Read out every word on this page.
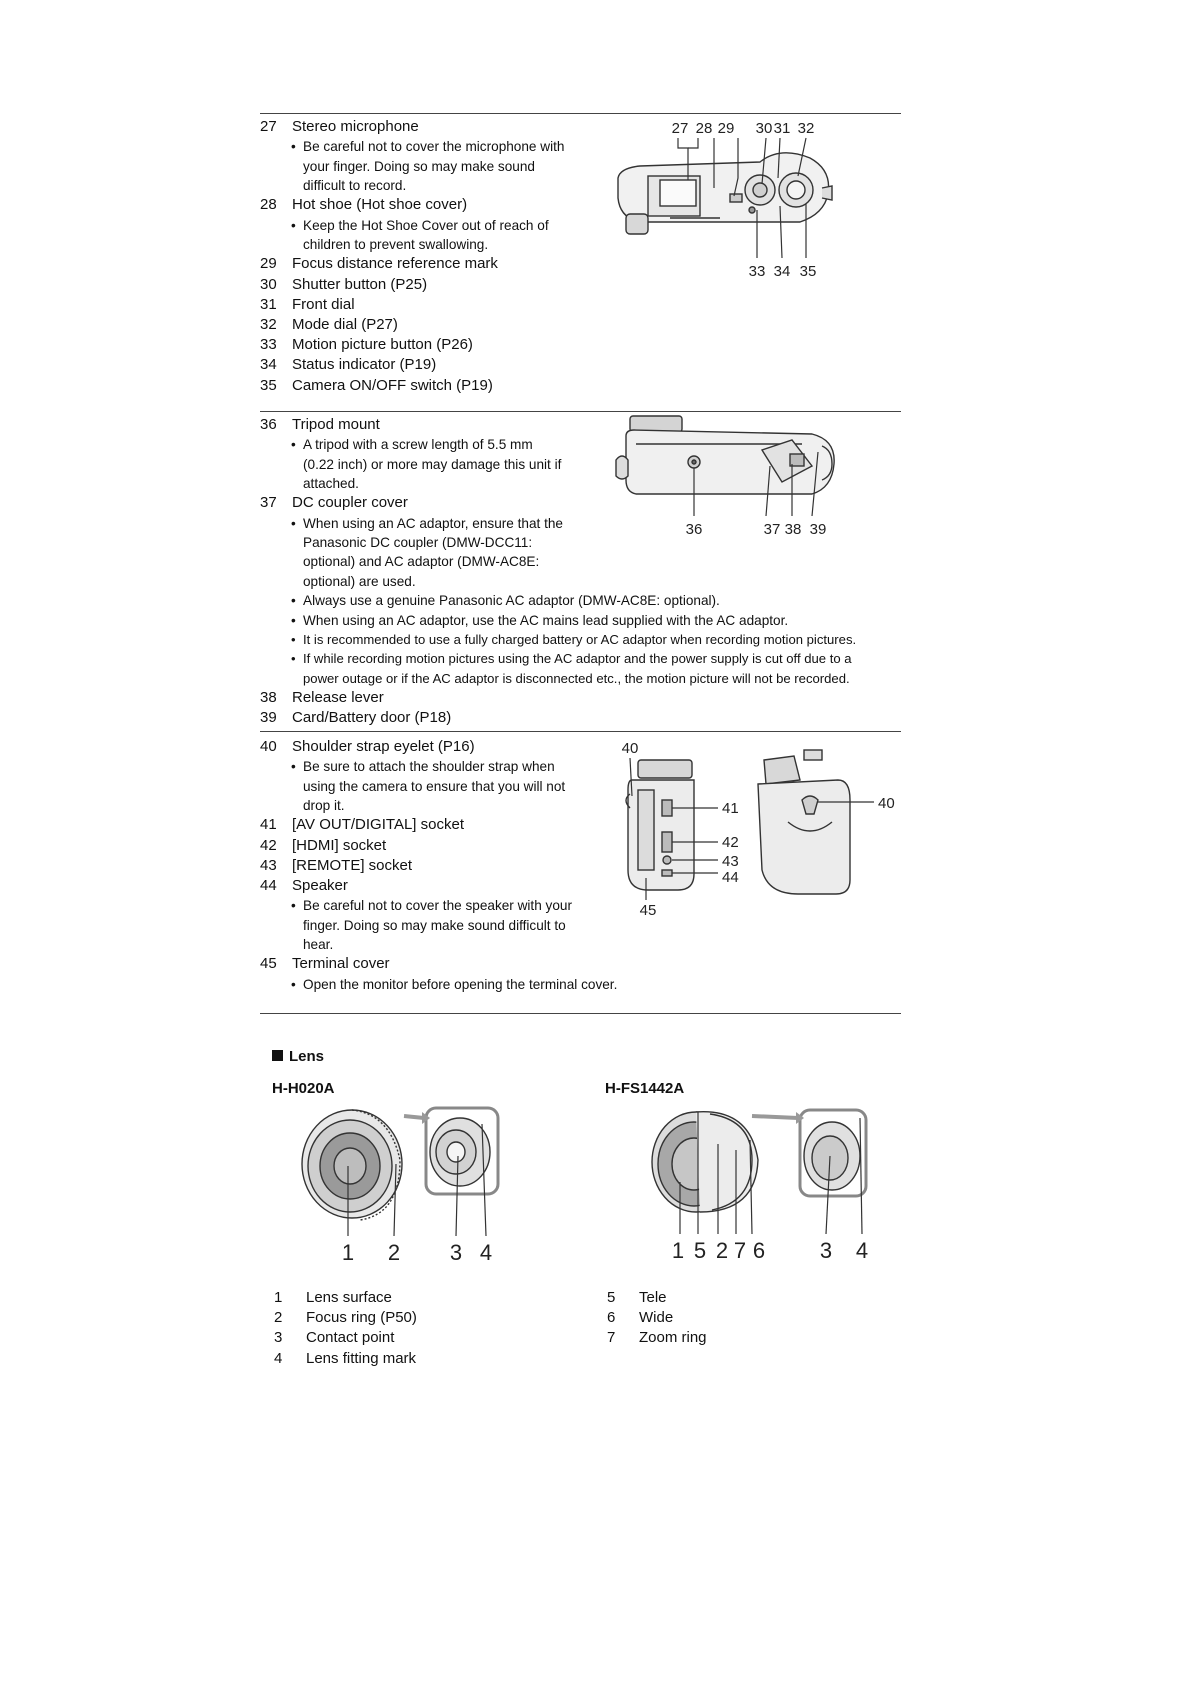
27 Stereo microphone
• Be careful not to cover the microphone with
your finger. Doing so may make sound
difficult to record.
28 Hot shoe (Hot shoe cover)
• Keep the Hot Shoe Cover out of reach of
children to prevent swallowing.
29 Focus distance reference mark
30 Shutter button (P25)
31 Front dial
32 Mode dial (P27)
33 Motion picture button (P26)
34 Status indicator (P19)
35 Camera ON/OFF switch (P19)
27 28 29 30 31 32
33 34 35
36 Tripod mount
• A tripod with a screw length of 5.5 mm
(0.22 inch) or more may damage this unit if
attached.
37 DC coupler cover
• When using an AC adaptor, ensure that the
Panasonic DC coupler (DMW-DCC11:
optional) and AC adaptor (DMW-AC8E:
optional) are used.
• Always use a genuine Panasonic AC adaptor (DMW-AC8E: optional).
• When using an AC adaptor, use the AC mains lead supplied with the AC adaptor.
• It is recommended to use a fully charged battery or AC adaptor when recording motion pictures.
• If while recording motion pictures using the AC adaptor and the power supply is cut off due to a
power outage or if the AC adaptor is disconnected etc., the motion picture will not be recorded.
38 Release lever
39 Card/Battery door (P18)
36	37 38 39
40 Shoulder strap eyelet (P16)
• Be sure to attach the shoulder strap when
using the camera to ensure that you will not
drop it.
41 [AV OUT/DIGITAL] socket
42 [HDMI] socket
43 [REMOTE] socket
44 Speaker
• Be careful not to cover the speaker with your
finger. Doing so may make sound difficult to
hear.
45 Terminal cover
• Open the monitor before opening the terminal cover.
40
41
42
43
44
45
40
Lens
H-H020A	H-FS1442A
1 2 3 4	1 5 2 7 6 3 4
1 Lens surface
2 Focus ring (P50)
3 Contact point
4 Lens fitting mark
5 Tele
6 Wide
7 Zoom ring
